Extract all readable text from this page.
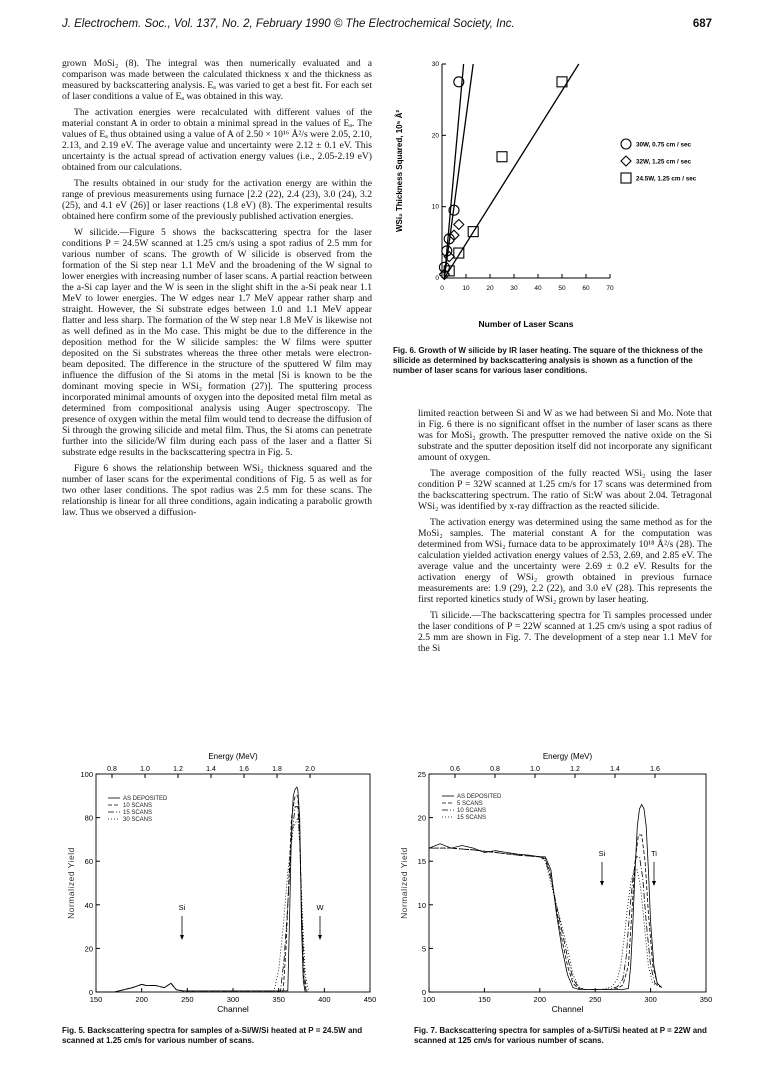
J. Electrochem. Soc., Vol. 137, No. 2, February 1990 © The Electrochemical Society, Inc.	687

grown MoSi₂ (8). The integral was then numerically evaluated and a comparison was made between the calculated thickness x and the thickness as measured by backscattering analysis. Eₐ was varied to get a best fit. For each set of laser conditions a value of Eₐ was obtained in this way.

The activation energies were recalculated with different values of the material constant A in order to obtain a minimal spread in the values of Eₐ. The values of Eₐ thus obtained using a value of A of 2.50 × 10¹⁶ Å²/s were 2.05, 2.10, 2.13, and 2.19 eV. The average value and uncertainty were 2.12 ± 0.1 eV. This uncertainty is the actual spread of activation energy values (i.e., 2.05-2.19 eV) obtained from our calculations.

The results obtained in our study for the activation energy are within the range of previous measurements using furnace [2.2 (22), 2.4 (23), 3.0 (24), 3.2 (25), and 4.1 eV (26)] or laser reactions (1.8 eV) (8). The experimental results obtained here confirm some of the previously published activation energies.

W silicide.—Figure 5 shows the backscattering spectra for the laser conditions P = 24.5W scanned at 1.25 cm/s using a spot radius of 2.5 mm for various number of scans. The growth of W silicide is observed from the formation of the Si step near 1.1 MeV and the broadening of the W signal to lower energies with increasing number of laser scans. A partial reaction between the a-Si cap layer and the W is seen in the slight shift in the a-Si peak near 1.1 MeV to lower energies. The W edges near 1.7 MeV appear rather sharp and straight. However, the Si substrate edges between 1.0 and 1.1 MeV appear flatter and less sharp. The formation of the W step near 1.8 MeV is likewise not as well defined as in the Mo case. This might be due to the difference in the deposition method for the W silicide samples: the W films were sputter deposited on the Si substrates whereas the three other metals were electron-beam deposited. The difference in the structure of the sputtered W film may influence the diffusion of the Si atoms in the metal [Si is known to be the dominant moving specie in WSi₂ formation (27)]. The sputtering process incorporated minimal amounts of oxygen into the deposited metal film metal as determined from compositional analysis using Auger spectroscopy. The presence of oxygen within the metal film would tend to decrease the diffusion of Si through the growing silicide and metal film. Thus, the Si atoms can penetrate further into the silicide/W film during each pass of the laser and a flatter Si substrate edge results in the backscattering spectra in Fig. 5.

Figure 6 shows the relationship between WSi₂ thickness squared and the number of laser scans for the experimental conditions of Fig. 5 as well as for two other laser conditions. The spot radius was 2.5 mm for these scans. The relationship is linear for all three conditions, again indicating a parabolic growth law. Thus we observed a diffusion-

limited reaction between Si and W as we had between Si and Mo. Note that in Fig. 6 there is no significant offset in the number of laser scans as there was for MoSi₂ growth. The presputter removed the native oxide on the Si substrate and the sputter deposition itself did not incorporate any significant amount of oxygen.

The average composition of the fully reacted WSi₂ using the laser condition P = 32W scanned at 1.25 cm/s for 17 scans was determined from the backscattering spectrum. The ratio of Si:W was about 2.04. Tetragonal WSi₂ was identified by x-ray diffraction as the reacted silicide.

The activation energy was determined using the same method as for the MoSi₂ samples. The material constant A for the computation was determined from WSi₂ furnace data to be approximately 10¹⁸ Å²/s (28). The calculation yielded activation energy values of 2.53, 2.69, and 2.85 eV. The average value and the uncertainty were 2.69 ± 0.2 eV. Results for the activation energy of WSi₂ growth obtained in previous furnace measurements are: 1.9 (29), 2.2 (22), and 3.0 eV (28). This represents the first reported kinetics study of WSi₂ grown by laser heating.

Ti silicide.—The backscattering spectra for Ti samples processed under the laser conditions of P = 22W scanned at 1.25 cm/s using a spot radius of 2.5 mm are shown in Fig. 7. The development of a step near 1.1 MeV for the Si

0	10	20	30	40	50	60	70
0
10
20
30
Number of Laser Scans
WSi₂ Thickness Squared, 10⁵ Å²	30W, 0.75 cm / sec
32W, 1.25 cm / sec
24.5W, 1.25 cm / sec
Fig. 6. Growth of W silicide by IR laser heating. The square of the thickness of the silicide as determined by backscattering analysis is shown as a function of the number of laser scans for various laser conditions.
Energy (MeV)
0.8	1.0	1.2	1.4	1.6	1.8	2.0
150	200	250	300	350	400	450
Channel
0
20
40
60
80
100
Normalized Yield
AS DEPOSITED
10 SCANS
15 SCANS
30 SCANS
Si	W
Fig. 5. Backscattering spectra for samples of a-Si/W/Si heated at P = 24.5W and scanned at 1.25 cm/s for various number of scans.
Energy (MeV)
0.6	0.8	1.0	1.2	1.4	1.6
100	150	200	250	300	350
Channel
0
5
10
15
20
25
Normalized Yield
AS DEPOSITED
5 SCANS
10 SCANS
15 SCANS
Si	Ti
Fig. 7. Backscattering spectra for samples of a-Si/Ti/Si heated at P = 22W and scanned at 125 cm/s for various number of scans.
